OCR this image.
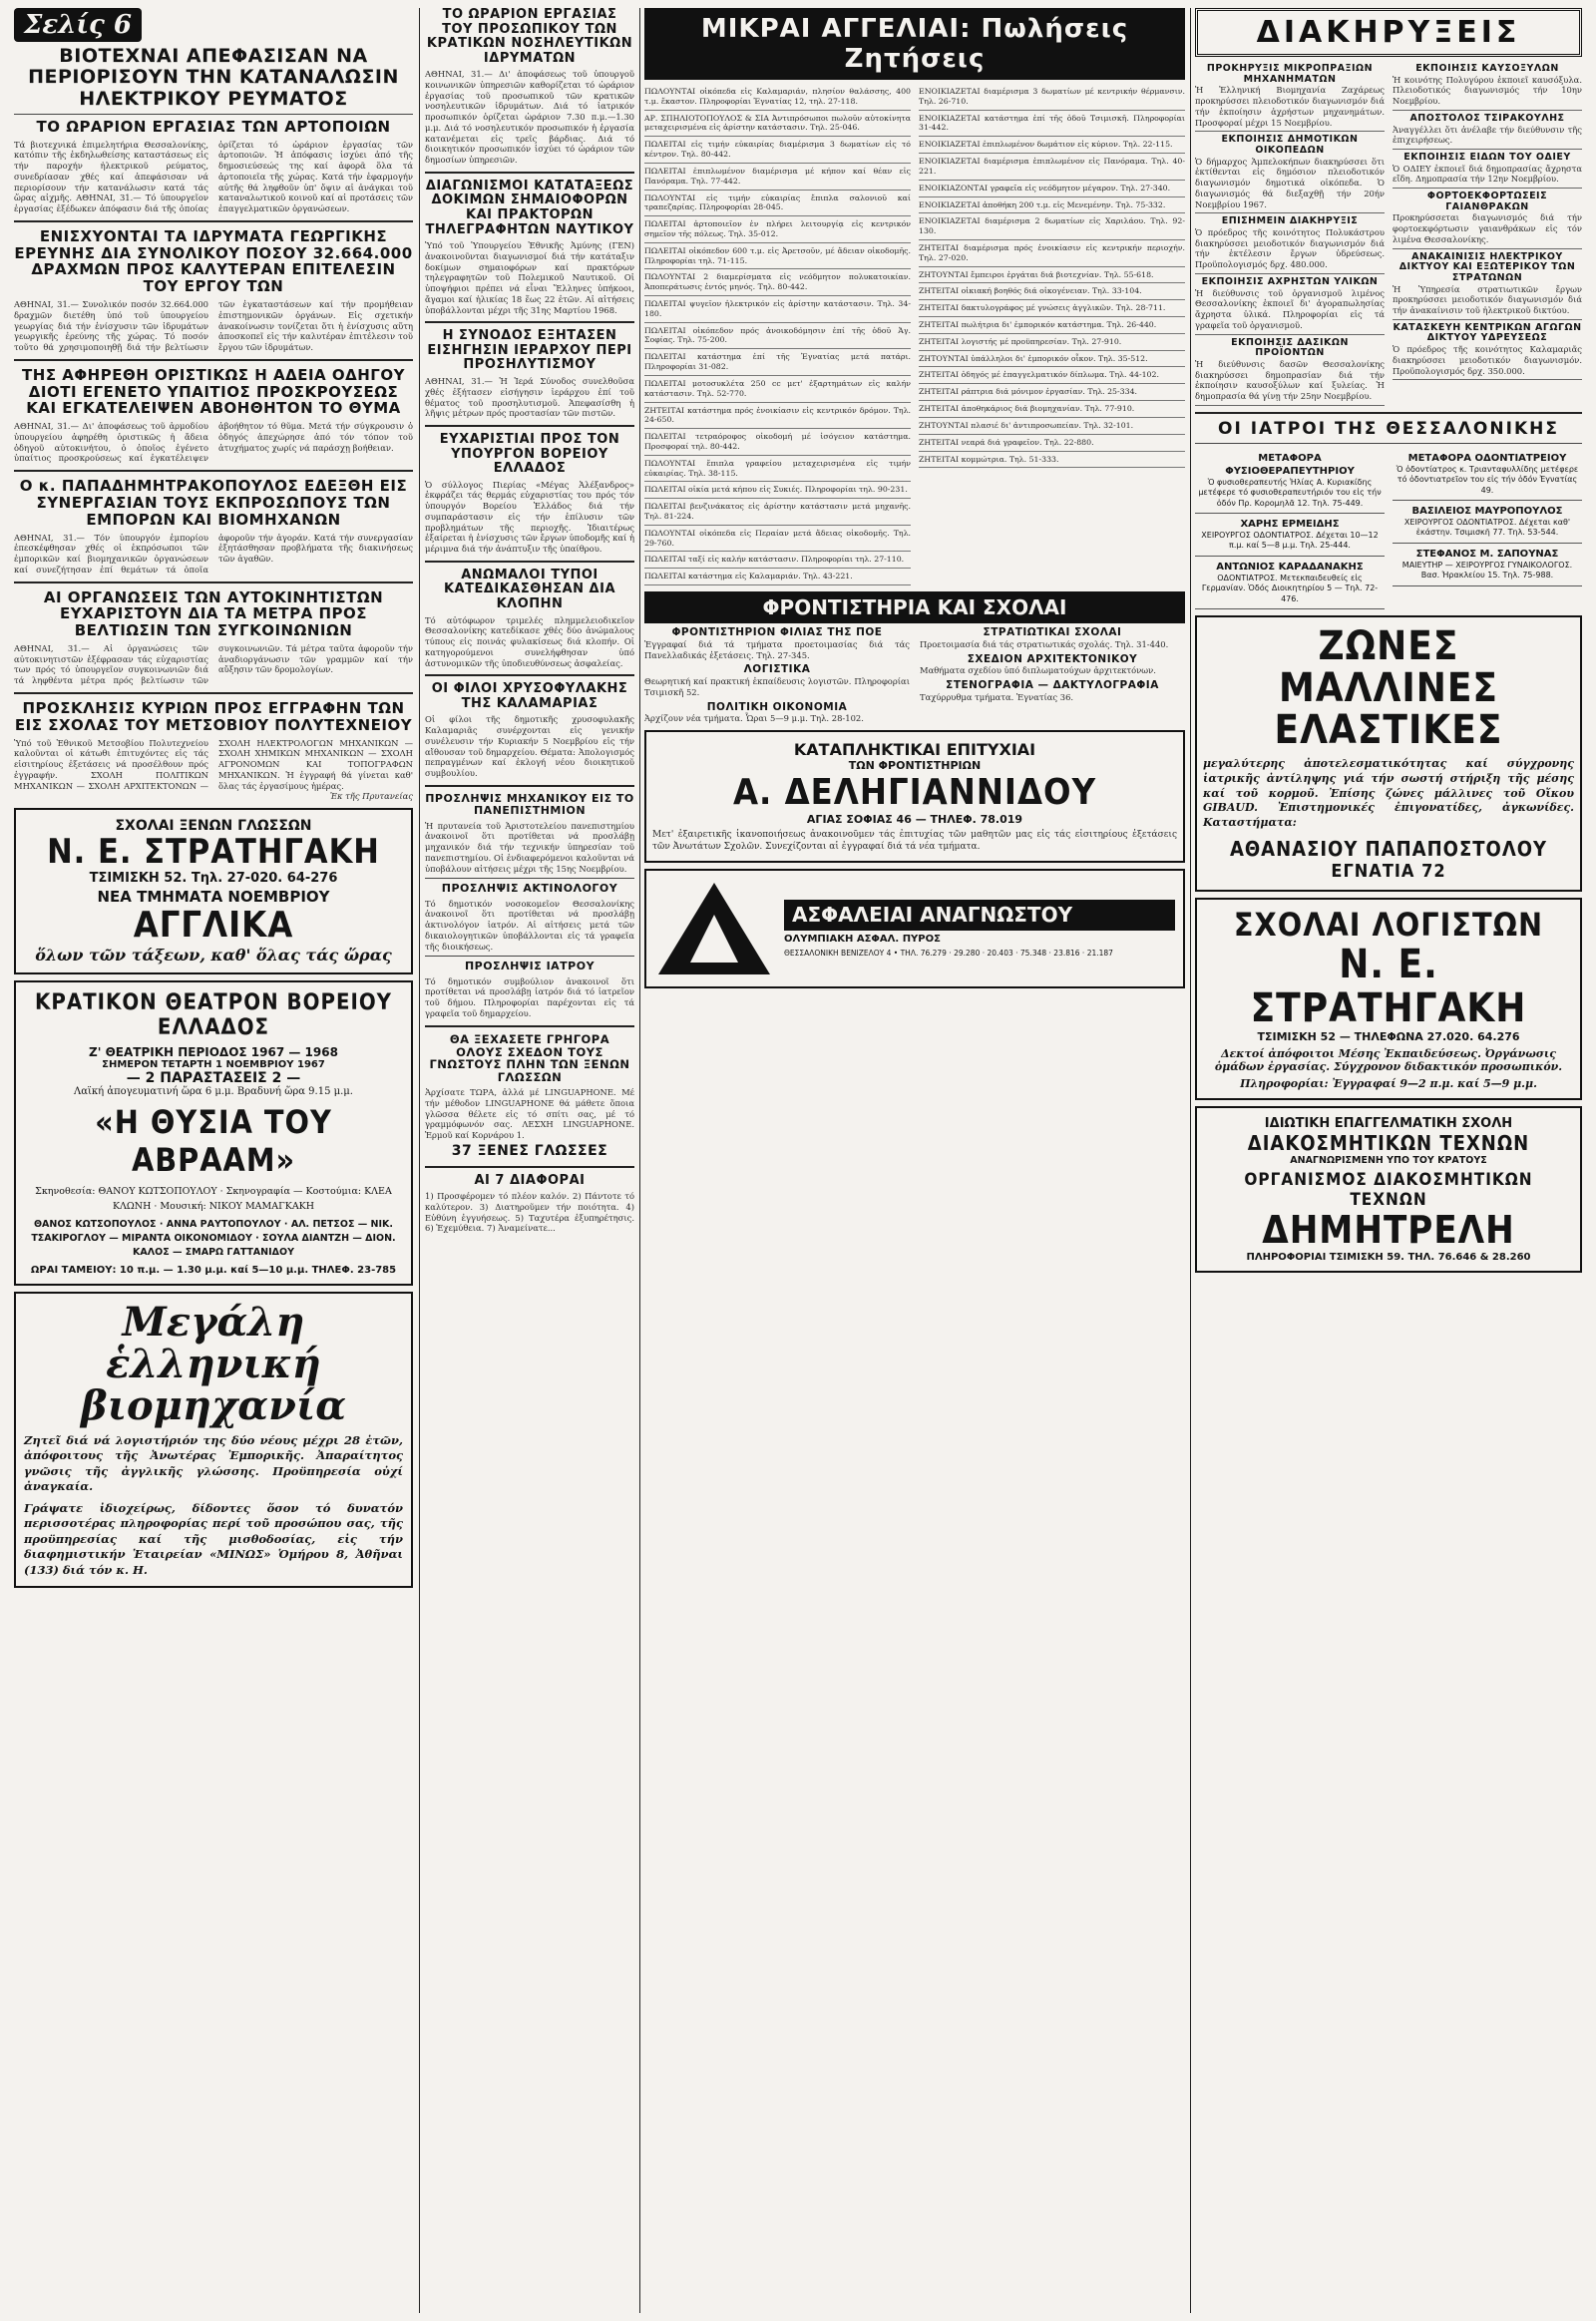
Σελίς 6
ΒΙΟΤΕΧΝΑΙ ΑΠΕΦΑΣΙΣΑΝ ΝΑ ΠΕΡΙΟΡΙΣΟΥΝ ΤΗΝ ΚΑΤΑΝΑΛΩΣΙΝ ΗΛΕΚΤΡΙΚΟΥ ΡΕΥΜΑΤΟΣ
ΤΟ ΩΡΑΡΙΟΝ ΕΡΓΑΣΙΑΣ ΤΩΝ ΑΡΤΟΠΟΙΩΝ
Τά βιοτεχνικά ἐπιμελητήρια Θεσσαλονίκης, κατόπιν τῆς ἐκδηλωθείσης καταστάσεως εἰς τήν παροχήν ἠλεκτρικοῦ ρεύματος, συνεδρίασαν χθές καί ἀπεφάσισαν νά περιορίσουν τήν κατανάλωσιν κατά τάς ὥρας αἰχμῆς. ΑΘΗΝΑΙ, 31.— Τό ὑπουργεῖον ἐργασίας ἐξέδωκεν ἀπόφασιν διά τῆς ὁποίας ὁρίζεται τό ὡράριον ἐργασίας τῶν ἀρτοποιῶν. Ἡ ἀπόφασις ἰσχύει ἀπό τῆς δημοσιεύσεώς της καί ἀφορᾶ ὅλα τά ἀρτοποιεῖα τῆς χώρας. Κατά τήν ἐφαρμογήν αὐτῆς θά ληφθοῦν ὑπ' ὄψιν αἱ ἀνάγκαι τοῦ καταναλωτικοῦ κοινοῦ καί αἱ προτάσεις τῶν ἐπαγγελματικῶν ὀργανώσεων.
ΕΝΙΣΧΥΟΝΤΑΙ ΤΑ ΙΔΡΥΜΑΤΑ ΓΕΩΡΓΙΚΗΣ ΕΡΕΥΝΗΣ ΔΙΑ ΣΥΝΟΛΙΚΟΥ ΠΟΣΟΥ 32.664.000 ΔΡΑΧΜΩΝ ΠΡΟΣ ΚΑΛΥΤΕΡΑΝ ΕΠΙΤΕΛΕΣΙΝ ΤΟΥ ΕΡΓΟΥ ΤΩΝ
ΑΘΗΝΑΙ, 31.— Συνολικόν ποσόν 32.664.000 δραχμῶν διετέθη ὑπό τοῦ ὑπουργείου γεωργίας διά τήν ἐνίσχυσιν τῶν ἱδρυμάτων γεωργικῆς ἐρεύνης τῆς χώρας. Τό ποσόν τοῦτο θά χρησιμοποιηθῇ διά τήν βελτίωσιν τῶν ἐγκαταστάσεων καί τήν προμήθειαν ἐπιστημονικῶν ὀργάνων. Εἰς σχετικήν ἀνακοίνωσιν τονίζεται ὅτι ἡ ἐνίσχυσις αὕτη ἀποσκοπεῖ εἰς τήν καλυτέραν ἐπιτέλεσιν τοῦ ἔργου τῶν ἱδρυμάτων.
ΤΗΣ ΑΦΗΡΕΘΗ ΟΡΙΣΤΙΚΩΣ Η ΑΔΕΙΑ ΟΔΗΓΟΥ ΔΙΟΤΙ ΕΓΕΝΕΤΟ ΥΠΑΙΤΙΟΣ ΠΡΟΣΚΡΟΥΣΕΩΣ ΚΑΙ ΕΓΚΑΤΕΛΕΙΨΕΝ ΑΒΟΗΘΗΤΟΝ ΤΟ ΘΥΜΑ
ΑΘΗΝΑΙ, 31.— Δι' ἀποφάσεως τοῦ ἁρμοδίου ὑπουργείου ἀφηρέθη ὁριστικῶς ἡ ἄδεια ὁδηγοῦ αὐτοκινήτου, ὁ ὁποῖος ἐγένετο ὑπαίτιος προσκρούσεως καί ἐγκατέλειψεν ἀβοήθητον τό θῦμα. Μετά τήν σύγκρουσιν ὁ ὁδηγός ἀπεχώρησε ἀπό τόν τόπον τοῦ ἀτυχήματος χωρίς νά παράσχῃ βοήθειαν.
Ο κ. ΠΑΠΑΔΗΜΗΤΡΑΚΟΠΟΥΛΟΣ ΕΔΕΞΘΗ ΕΙΣ ΣΥΝΕΡΓΑΣΙΑΝ ΤΟΥΣ ΕΚΠΡΟΣΩΠΟΥΣ ΤΩΝ ΕΜΠΟΡΩΝ ΚΑΙ ΒΙΟΜΗΧΑΝΩΝ
ΑΘΗΝΑΙ, 31.— Τόν ὑπουργόν ἐμπορίου ἐπεσκέφθησαν χθές οἱ ἐκπρόσωποι τῶν ἐμπορικῶν καί βιομηχανικῶν ὀργανώσεων καί συνεζήτησαν ἐπί θεμάτων τά ὁποῖα ἀφοροῦν τήν ἀγοράν. Κατά τήν συνεργασίαν ἐξητάσθησαν προβλήματα τῆς διακινήσεως τῶν ἀγαθῶν.
ΑΙ ΟΡΓΑΝΩΣΕΙΣ ΤΩΝ ΑΥΤΟΚΙΝΗΤΙΣΤΩΝ ΕΥΧΑΡΙΣΤΟΥΝ ΔΙΑ ΤΑ ΜΕΤΡΑ ΠΡΟΣ ΒΕΛΤΙΩΣΙΝ ΤΩΝ ΣΥΓΚΟΙΝΩΝΙΩΝ
ΑΘΗΝΑΙ, 31.— Αἱ ὀργανώσεις τῶν αὐτοκινητιστῶν ἐξέφρασαν τάς εὐχαριστίας των πρός τό ὑπουργεῖον συγκοινωνιῶν διά τά ληφθέντα μέτρα πρός βελτίωσιν τῶν συγκοινωνιῶν. Τά μέτρα ταῦτα ἀφοροῦν τήν ἀναδιοργάνωσιν τῶν γραμμῶν καί τήν αὔξησιν τῶν δρομολογίων.
ΠΡΟΣΚΛΗΣΙΣ ΚΥΡΙΩΝ ΠΡΟΣ ΕΓΓΡΑΦΗΝ ΤΩΝ ΕΙΣ ΣΧΟΛΑΣ ΤΟΥ ΜΕΤΣΟΒΙΟΥ ΠΟΛΥΤΕΧΝΕΙΟΥ
Ὑπό τοῦ Ἐθνικοῦ Μετσοβίου Πολυτεχνείου καλοῦνται οἱ κάτωθι ἐπιτυχόντες εἰς τάς εἰσιτηρίους ἐξετάσεις νά προσέλθουν πρός ἐγγραφήν. ΣΧΟΛΗ ΠΟΛΙΤΙΚΩΝ ΜΗΧΑΝΙΚΩΝ — ΣΧΟΛΗ ΑΡΧΙΤΕΚΤΟΝΩΝ — ΣΧΟΛΗ ΗΛΕΚΤΡΟΛΟΓΩΝ ΜΗΧΑΝΙΚΩΝ — ΣΧΟΛΗ ΧΗΜΙΚΩΝ ΜΗΧΑΝΙΚΩΝ — ΣΧΟΛΗ ΑΓΡΟΝΟΜΩΝ ΚΑΙ ΤΟΠΟΓΡΑΦΩΝ ΜΗΧΑΝΙΚΩΝ. Ἡ ἐγγραφή θά γίνεται καθ' ὅλας τάς ἐργασίμους ἡμέρας.
Ἐκ τῆς Πρυτανείας
ΣΧΟΛΑΙ ΞΕΝΩΝ ΓΛΩΣΣΩΝ
Ν. Ε. ΣΤΡΑΤΗΓΑΚΗ
ΤΣΙΜΙΣΚΗ 52. Τηλ. 27-020. 64-276
ΝΕΑ ΤΜΗΜΑΤΑ ΝΟΕΜΒΡΙΟΥ
ΑΓΓΛΙΚΑ
ὅλων τῶν τάξεων, καθ' ὅλας τάς ὥρας
ΚΡΑΤΙΚΟΝ ΘΕΑΤΡΟΝ ΒΟΡΕΙΟΥ ΕΛΛΑΔΟΣ
Ζ' ΘΕΑΤΡΙΚΗ ΠΕΡΙΟΔΟΣ 1967 — 1968
ΣΗΜΕΡΟΝ ΤΕΤΑΡΤΗ 1 ΝΟΕΜΒΡΙΟΥ 1967
— 2 ΠΑΡΑΣΤΑΣΕΙΣ 2 —
Λαϊκή ἀπογευματινή ὥρα 6 μ.μ. Βραδυνή ὥρα 9.15 μ.μ.
«Η ΘΥΣΙΑ ΤΟΥ ΑΒΡΑΑΜ»
Σκηνοθεσία: ΘΑΝΟΥ ΚΩΤΣΟΠΟΥΛΟΥ · Σκηνογραφία — Κοστούμια: ΚΛΕΑ ΚΛΩΝΗ · Μουσική: ΝΙΚΟΥ ΜΑΜΑΓΚΑΚΗ
ΘΑΝΟΣ ΚΩΤΣΟΠΟΥΛΟΣ · ΑΝΝΑ ΡΑΥΤΟΠΟΥΛΟΥ · ΑΛ. ΠΕΤΣΟΣ — ΝΙΚ. ΤΣΑΚΙΡΟΓΛΟΥ — ΜΙΡΑΝΤΑ ΟΙΚΟΝΟΜΙΔΟΥ · ΣΟΥΛΑ ΔΙΑΝΤΖΗ — ΔΙΟΝ. ΚΑΛΟΣ — ΣΜΑΡΩ ΓΑΤΤΑΝΙΔΟΥ
ΩΡΑΙ ΤΑΜΕΙΟΥ: 10 π.μ. — 1.30 μ.μ. καί 5—10 μ.μ. ΤΗΛΕΦ. 23-785
Μεγάλη ἑλληνική βιομηχανία
Ζητεῖ διά νά λογιστήριόν της δύο νέους μέχρι 28 ἐτῶν, ἀπόφοιτους τῆς Ἀνωτέρας Ἐμπορικῆς. Ἀπαραίτητος γνῶσις τῆς ἀγγλικῆς γλώσσης. Προϋπηρεσία οὐχί ἀναγκαία.
Γράψατε ἰδιοχείρως, δίδοντες ὅσον τό δυνατόν περισσοτέρας πληροφορίας περί τοῦ προσώπου σας, τῆς προϋπηρεσίας καί τῆς μισθοδοσίας, εἰς τήν διαφημιστικήν Ἑταιρείαν «ΜΙΝΩΣ» Ὁμήρου 8, Ἀθῆναι (133) διά τόν κ. Η.
ΤΟ ΩΡΑΡΙΟΝ ΕΡΓΑΣΙΑΣ ΤΟΥ ΠΡΟΣΩΠΙΚΟΥ ΤΩΝ ΚΡΑΤΙΚΩΝ ΝΟΣΗΛΕΥΤΙΚΩΝ ΙΔΡΥΜΑΤΩΝ
ΑΘΗΝΑΙ, 31.— Δι' ἀποφάσεως τοῦ ὑπουργοῦ κοινωνικῶν ὑπηρεσιῶν καθορίζεται τό ὡράριον ἐργασίας τοῦ προσωπικοῦ τῶν κρατικῶν νοσηλευτικῶν ἱδρυμάτων. Διά τό ἰατρικόν προσωπικόν ὁρίζεται ὡράριον 7.30 π.μ.—1.30 μ.μ. Διά τό νοσηλευτικόν προσωπικόν ἡ ἐργασία κατανέμεται εἰς τρεῖς βάρδιας. Διά τό διοικητικόν προσωπικόν ἰσχύει τό ὡράριον τῶν δημοσίων ὑπηρεσιῶν.
ΔΙΑΓΩΝΙΣΜΟΙ ΚΑΤΑΤΑΞΕΩΣ ΔΟΚΙΜΩΝ ΣΗΜΑΙΟΦΟΡΩΝ ΚΑΙ ΠΡΑΚΤΟΡΩΝ ΤΗΛΕΓΡΑΦΗΤΩΝ ΝΑΥΤΙΚΟΥ
Ὑπό τοῦ Ὑπουργείου Ἐθνικῆς Ἀμύνης (ΓΕΝ) ἀνακοινοῦνται διαγωνισμοί διά τήν κατάταξιν δοκίμων σημαιοφόρων καί πρακτόρων τηλεγραφητῶν τοῦ Πολεμικοῦ Ναυτικοῦ. Οἱ ὑποψήφιοι πρέπει νά εἶναι Ἕλληνες ὑπήκοοι, ἄγαμοι καί ἡλικίας 18 ἕως 22 ἐτῶν. Αἱ αἰτήσεις ὑποβάλλονται μέχρι τῆς 31ης Μαρτίου 1968.
Η ΣΥΝΟΔΟΣ ΕΞΗΤΑΣΕΝ ΕΙΣΗΓΗΣΙΝ ΙΕΡΑΡΧΟΥ ΠΕΡΙ ΠΡΟΣΗΛΥΤΙΣΜΟΥ
ΑΘΗΝΑΙ, 31.— Ἡ Ἱερά Σύνοδος συνελθοῦσα χθές ἐξήτασεν εἰσήγησιν ἱεράρχου ἐπί τοῦ θέματος τοῦ προσηλυτισμοῦ. Ἀπεφασίσθη ἡ λῆψις μέτρων πρός προστασίαν τῶν πιστῶν.
ΕΥΧΑΡΙΣΤΙΑΙ ΠΡΟΣ ΤΟΝ ΥΠΟΥΡΓΟΝ ΒΟΡΕΙΟΥ ΕΛΛΑΔΟΣ
Ὁ σύλλογος Πιερίας «Μέγας Ἀλέξανδρος» ἐκφράζει τάς θερμάς εὐχαριστίας του πρός τόν ὑπουργόν Βορείου Ἑλλάδος διά τήν συμπαράστασιν εἰς τήν ἐπίλυσιν τῶν προβλημάτων τῆς περιοχῆς. Ἰδιαιτέρως ἐξαίρεται ἡ ἐνίσχυσις τῶν ἔργων ὑποδομῆς καί ἡ μέριμνα διά τήν ἀνάπτυξιν τῆς ὑπαίθρου.
ΑΝΩΜΑΛΟΙ ΤΥΠΟΙ ΚΑΤΕΔΙΚΑΣΘΗΣΑΝ ΔΙΑ ΚΛΟΠΗΝ
Τό αὐτόφωρον τριμελές πλημμελειοδικεῖον Θεσσαλονίκης κατεδίκασε χθές δύο ἀνώμαλους τύπους εἰς ποινάς φυλακίσεως διά κλοπήν. Οἱ κατηγορούμενοι συνελήφθησαν ὑπό ἀστυνομικῶν τῆς ὑποδιευθύνσεως ἀσφαλείας.
ΟΙ ΦΙΛΟΙ ΧΡΥΣΟΦΥΛΑΚΗΣ ΤΗΣ ΚΑΛΑΜΑΡΙΑΣ
Οἱ φίλοι τῆς δημοτικῆς χρυσοφυλακῆς Καλαμαριᾶς συνέρχονται εἰς γενικήν συνέλευσιν τήν Κυριακήν 5 Νοεμβρίου εἰς τήν αἴθουσαν τοῦ δημαρχείου. Θέματα: Ἀπολογισμός πεπραγμένων καί ἐκλογή νέου διοικητικοῦ συμβουλίου.
ΠΡΟΣΛΗΨΙΣ ΜΗΧΑΝΙΚΟΥ ΕΙΣ ΤΟ ΠΑΝΕΠΙΣΤΗΜΙΟΝ
Ἡ πρυτανεία τοῦ Ἀριστοτελείου πανεπιστημίου ἀνακοινοῖ ὅτι προτίθεται νά προσλάβῃ μηχανικόν διά τήν τεχνικήν ὑπηρεσίαν τοῦ πανεπιστημίου. Οἱ ἐνδιαφερόμενοι καλοῦνται νά ὑποβάλουν αἰτήσεις μέχρι τῆς 15ης Νοεμβρίου.
ΠΡΟΣΛΗΨΙΣ ΑΚΤΙΝΟΛΟΓΟΥ
Τό δημοτικόν νοσοκομεῖον Θεσσαλονίκης ἀνακοινοῖ ὅτι προτίθεται νά προσλάβῃ ἀκτινολόγον ἰατρόν. Αἱ αἰτήσεις μετά τῶν δικαιολογητικῶν ὑποβάλλονται εἰς τά γραφεῖα τῆς διοικήσεως.
ΠΡΟΣΛΗΨΙΣ ΙΑΤΡΟΥ
Τό δημοτικόν συμβούλιον ἀνακοινοῖ ὅτι προτίθεται νά προσλάβῃ ἰατρόν διά τό ἰατρεῖον τοῦ δήμου. Πληροφορίαι παρέχονται εἰς τά γραφεῖα τοῦ δημαρχείου.
ΘΑ ΞΕΧΑΣΕΤΕ ΓΡΗΓΟΡΑ ΟΛΟΥΣ ΣΧΕΔΟΝ ΤΟΥΣ ΓΝΩΣΤΟΥΣ ΠΛΗΝ ΤΩΝ ΞΕΝΩΝ ΓΛΩΣΣΩΝ
Ἀρχίσατε ΤΩΡΑ, ἀλλά μέ LINGUAPHONE. Μέ τήν μέθοδον LINGUAPHONE θά μάθετε ὅποια γλῶσσα θέλετε εἰς τό σπίτι σας, μέ τό γραμμόφωνόν σας. ΛΕΣΧΗ LINGUAPHONE. Ἑρμοῦ καί Κορνάρου 1.
37 ΞΕΝΕΣ ΓΛΩΣΣΕΣ
ΑΙ 7 ΔΙΑΦΟΡΑΙ
1) Προσφέρομεν τό πλέον καλόν. 2) Πάντοτε τό καλύτερον. 3) Διατηροῦμεν τήν ποιότητα. 4) Εὐθύνη ἐγγυήσεως. 5) Ταχυτέρα ἐξυπηρέτησις. 6) Ἐχεμύθεια. 7) Ἀναμείνατε...
ΜΙΚΡΑΙ ΑΓΓΕΛΙΑΙ: Πωλήσεις Ζητήσεις
ΠΩΛΟΥΝΤΑΙ οἰκόπεδα εἰς Καλαμαριάν, πλησίον θαλάσσης, 400 τ.μ. ἕκαστον. Πληροφορίαι Ἐγνατίας 12, τηλ. 27-118.
ΑΡ. ΣΠΗΛΙΟΤΟΠΟΥΛΟΣ & ΣΙΑ Ἀντιπρόσωποι πωλοῦν αὐτοκίνητα μεταχειρισμένα εἰς ἀρίστην κατάστασιν. Τηλ. 25-046.
ΠΩΛΕΙΤΑΙ εἰς τιμήν εὐκαιρίας διαμέρισμα 3 δωματίων εἰς τό κέντρον. Τηλ. 80-442.
ΠΩΛΕΙΤΑΙ ἐπιπλωμένον διαμέρισμα μέ κήπον καί θέαν εἰς Πανόραμα. Τηλ. 77-442.
ΠΩΛΟΥΝΤΑΙ εἰς τιμήν εὐκαιρίας ἔπιπλα σαλονιοῦ καί τραπεζαρίας. Πληροφορίαι 28-045.
ΠΩΛΕΙΤΑΙ ἀρτοποιεῖον ἐν πλήρει λειτουργίᾳ εἰς κεντρικόν σημεῖον τῆς πόλεως. Τηλ. 35-012.
ΠΩΛΕΙΤΑΙ οἰκόπεδον 600 τ.μ. εἰς Ἀρετσοῦν, μέ ἄδειαν οἰκοδομῆς. Πληροφορίαι τηλ. 71-115.
ΠΩΛΟΥΝΤΑΙ 2 διαμερίσματα εἰς νεόδμητον πολυκατοικίαν. Ἀποπεράτωσις ἐντός μηνός. Τηλ. 80-442.
ΠΩΛΕΙΤΑΙ ψυγεῖον ἠλεκτρικόν εἰς ἀρίστην κατάστασιν. Τηλ. 34-180.
ΠΩΛΕΙΤΑΙ οἰκόπεδον πρός ἀνοικοδόμησιν ἐπί τῆς ὁδοῦ Ἀγ. Σοφίας. Τηλ. 75-200.
ΠΩΛΕΙΤΑΙ κατάστημα ἐπί τῆς Ἐγνατίας μετά πατάρι. Πληροφορίαι 31-082.
ΠΩΛΕΙΤΑΙ μοτοσυκλέτα 250 cc μετ' ἐξαρτημάτων εἰς καλήν κατάστασιν. Τηλ. 52-770.
ΖΗΤΕΙΤΑΙ κατάστημα πρός ἐνοικίασιν εἰς κεντρικόν δρόμον. Τηλ. 24-650.
ΠΩΛΕΙΤΑΙ τετραόροφος οἰκοδομή μέ ἰσόγειον κατάστημα. Προσφοραί τηλ. 80-442.
ΠΩΛΟΥΝΤΑΙ ἔπιπλα γραφείου μεταχειρισμένα εἰς τιμήν εὐκαιρίας. Τηλ. 38-115.
ΠΩΛΕΙΤΑΙ οἰκία μετά κήπου εἰς Συκιές. Πληροφορίαι τηλ. 90-231.
ΠΩΛΕΙΤΑΙ βενζινάκατος εἰς ἀρίστην κατάστασιν μετά μηχανῆς. Τηλ. 81-224.
ΠΩΛΟΥΝΤΑΙ οἰκόπεδα εἰς Περαίαν μετά ἄδειας οἰκοδομῆς. Τηλ. 29-760.
ΠΩΛΕΙΤΑΙ ταξί εἰς καλήν κατάστασιν. Πληροφορίαι τηλ. 27-110.
ΠΩΛΕΙΤΑΙ κατάστημα εἰς Καλαμαριάν. Τηλ. 43-221.
ΕΝΟΙΚΙΑΖΕΤΑΙ διαμέρισμα 3 δωματίων μέ κεντρικήν θέρμανσιν. Τηλ. 26-710.
ΕΝΟΙΚΙΑΖΕΤΑΙ κατάστημα ἐπί τῆς ὁδοῦ Τσιμισκῆ. Πληροφορίαι 31-442.
ΕΝΟΙΚΙΑΖΕΤΑΙ ἐπιπλωμένον δωμάτιον εἰς κύριον. Τηλ. 22-115.
ΕΝΟΙΚΙΑΖΕΤΑΙ διαμέρισμα ἐπιπλωμένον εἰς Πανόραμα. Τηλ. 40-221.
ΕΝΟΙΚΙΑΖΟΝΤΑΙ γραφεῖα εἰς νεόδμητον μέγαρον. Τηλ. 27-340.
ΕΝΟΙΚΙΑΖΕΤΑΙ ἀποθήκη 200 τ.μ. εἰς Μενεμένην. Τηλ. 75-332.
ΕΝΟΙΚΙΑΖΕΤΑΙ διαμέρισμα 2 δωματίων εἰς Χαριλάου. Τηλ. 92-130.
ΖΗΤΕΙΤΑΙ διαμέρισμα πρός ἐνοικίασιν εἰς κεντρικήν περιοχήν. Τηλ. 27-020.
ΖΗΤΟΥΝΤΑΙ ἔμπειροι ἐργάται διά βιοτεχνίαν. Τηλ. 55-618.
ΖΗΤΕΙΤΑΙ οἰκιακή βοηθός διά οἰκογένειαν. Τηλ. 33-104.
ΖΗΤΕΙΤΑΙ δακτυλογράφος μέ γνώσεις ἀγγλικῶν. Τηλ. 28-711.
ΖΗΤΕΙΤΑΙ πωλήτρια δι' ἐμπορικόν κατάστημα. Τηλ. 26-440.
ΖΗΤΕΙΤΑΙ λογιστής μέ προϋπηρεσίαν. Τηλ. 27-910.
ΖΗΤΟΥΝΤΑΙ ὑπάλληλοι δι' ἐμπορικόν οἶκον. Τηλ. 35-512.
ΖΗΤΕΙΤΑΙ ὁδηγός μέ ἐπαγγελματικόν δίπλωμα. Τηλ. 44-102.
ΖΗΤΕΙΤΑΙ ράπτρια διά μόνιμον ἐργασίαν. Τηλ. 25-334.
ΖΗΤΕΙΤΑΙ ἀποθηκάριος διά βιομηχανίαν. Τηλ. 77-910.
ΖΗΤΟΥΝΤΑΙ πλασιέ δι' ἀντιπροσωπείαν. Τηλ. 32-101.
ΖΗΤΕΙΤΑΙ νεαρά διά γραφεῖον. Τηλ. 22-880.
ΖΗΤΕΙΤΑΙ κομμώτρια. Τηλ. 51-333.
ΦΡΟΝΤΙΣΤΗΡΙΑ ΚΑΙ ΣΧΟΛΑΙ
ΦΡΟΝΤΙΣΤΗΡΙΟΝ ΦΙΛΙΑΣ ΤΗΣ ΠΟΕ
Ἐγγραφαί διά τά τμήματα προετοιμασίας διά τάς Πανελλαδικάς ἐξετάσεις. Τηλ. 27-345.
ΛΟΓΙΣΤΙΚΑ
Θεωρητική καί πρακτική ἐκπαίδευσις λογιστῶν. Πληροφορίαι Τσιμισκῆ 52.
ΠΟΛΙΤΙΚΗ ΟΙΚΟΝΟΜΙΑ
Ἀρχίζουν νέα τμήματα. Ὧραι 5—9 μ.μ. Τηλ. 28-102.
ΣΤΡΑΤΙΩΤΙΚΑΙ ΣΧΟΛΑΙ
Προετοιμασία διά τάς στρατιωτικάς σχολάς. Τηλ. 31-440.
ΣΧΕΔΙΟΝ ΑΡΧΙΤΕΚΤΟΝΙΚΟΥ
Μαθήματα σχεδίου ὑπό διπλωματούχων ἀρχιτεκτόνων.
ΣΤΕΝΟΓΡΑΦΙΑ — ΔΑΚΤΥΛΟΓΡΑΦΙΑ
Ταχύρρυθμα τμήματα. Ἐγνατίας 36.
ΚΑΤΑΠΛΗΚΤΙΚΑΙ ΕΠΙΤΥΧΙΑΙ
ΤΩΝ ΦΡΟΝΤΙΣΤΗΡΙΩΝ
Α. ΔΕΛΗΓΙΑΝΝΙΔΟΥ
ΑΓΙΑΣ ΣΟΦΙΑΣ 46 — ΤΗΛΕΦ. 78.019
Μετ' ἐξαιρετικῆς ἱκανοποιήσεως ἀνακοινοῦμεν τάς ἐπιτυχίας τῶν μαθητῶν μας εἰς τάς εἰσιτηρίους ἐξετάσεις τῶν Ἀνωτάτων Σχολῶν. Συνεχίζονται αἱ ἐγγραφαί διά τά νέα τμήματα.
ΑΣΦΑΛΕΙΑΙ ΑΝΑΓΝΩΣΤΟΥ
ΟΛΥΜΠΙΑΚΗ ΑΣΦΑΛ. ΠΥΡΟΣ
ΘΕΣΣΑΛΟΝΙΚΗ ΒΕΝΙΖΕΛΟΥ 4 • ΤΗΛ. 76.279 · 29.280 · 20.403 · 75.348 · 23.816 · 21.187
ΔΙΑΚΗΡΥΞΕΙΣ
ΠΡΟΚΗΡΥΞΙΣ ΜΙΚΡΟΠΡΑΞΙΩΝ ΜΗΧΑΝΗΜΑΤΩΝ
Ἡ Ἑλληνική Βιομηχανία Ζαχάρεως προκηρύσσει πλειοδοτικόν διαγωνισμόν διά τήν ἐκποίησιν ἀχρήστων μηχανημάτων. Προσφοραί μέχρι 15 Νοεμβρίου.
ΕΚΠΟΙΗΣΙΣ ΔΗΜΟΤΙΚΩΝ ΟΙΚΟΠΕΔΩΝ
Ὁ δήμαρχος Ἀμπελοκήπων διακηρύσσει ὅτι ἐκτίθενται εἰς δημόσιον πλειοδοτικόν διαγωνισμόν δημοτικά οἰκόπεδα. Ὁ διαγωνισμός θά διεξαχθῇ τήν 20ήν Νοεμβρίου 1967.
ΕΠΙΣΗΜΕΙΝ ΔΙΑΚΗΡΥΞΙΣ
Ὁ πρόεδρος τῆς κοινότητος Πολυκάστρου διακηρύσσει μειοδοτικόν διαγωνισμόν διά τήν ἐκτέλεσιν ἔργων ὑδρεύσεως. Προϋπολογισμός δρχ. 480.000.
ΕΚΠΟΙΗΣΙΣ ΑΧΡΗΣΤΩΝ ΥΛΙΚΩΝ
Ἡ διεύθυνσις τοῦ ὀργανισμοῦ λιμένος Θεσσαλονίκης ἐκποιεῖ δι' ἀγοραπωλησίας ἄχρηστα ὑλικά. Πληροφορίαι εἰς τά γραφεῖα τοῦ ὀργανισμοῦ.
ΕΚΠΟΙΗΣΙΣ ΔΑΣΙΚΩΝ ΠΡΟΪΟΝΤΩΝ
Ἡ διεύθυνσις δασῶν Θεσσαλονίκης διακηρύσσει δημοπρασίαν διά τήν ἐκποίησιν καυσοξύλων καί ξυλείας. Ἡ δημοπρασία θά γίνῃ τήν 25ην Νοεμβρίου.
ΕΚΠΟΙΗΣΙΣ ΚΑΥΣΟΞΥΛΩΝ
Ἡ κοινότης Πολυγύρου ἐκποιεῖ καυσόξυλα. Πλειοδοτικός διαγωνισμός τήν 10ην Νοεμβρίου.
ΑΠΟΣΤΟΛΟΣ ΤΣΙΡΑΚΟΥΛΗΣ
Ἀναγγέλλει ὅτι ἀνέλαβε τήν διεύθυνσιν τῆς ἐπιχειρήσεως.
ΕΚΠΟΙΗΣΙΣ ΕΙΔΩΝ ΤΟΥ ΟΔΙΕΥ
Ὁ ΟΔΙΕΥ ἐκποιεῖ διά δημοπρασίας ἄχρηστα εἴδη. Δημοπρασία τήν 12ην Νοεμβρίου.
ΦΟΡΤΟΕΚΦΟΡΤΩΣΕΙΣ ΓΑΙΑΝΘΡΑΚΩΝ
Προκηρύσσεται διαγωνισμός διά τήν φορτοεκφόρτωσιν γαιανθράκων εἰς τόν λιμένα Θεσσαλονίκης.
ΑΝΑΚΑΙΝΙΣΙΣ ΗΛΕΚΤΡΙΚΟΥ ΔΙΚΤΥΟΥ ΚΑΙ ΕΞΩΤΕΡΙΚΟΥ ΤΩΝ ΣΤΡΑΤΩΝΩΝ
Ἡ Ὑπηρεσία στρατιωτικῶν ἔργων προκηρύσσει μειοδοτικόν διαγωνισμόν διά τήν ἀνακαίνισιν τοῦ ἠλεκτρικοῦ δικτύου.
ΚΑΤΑΣΚΕΥΗ ΚΕΝΤΡΙΚΩΝ ΑΓΩΓΩΝ ΔΙΚΤΥΟΥ ΥΔΡΕΥΣΕΩΣ
Ὁ πρόεδρος τῆς κοινότητος Καλαμαριᾶς διακηρύσσει μειοδοτικόν διαγωνισμόν. Προϋπολογισμός δρχ. 350.000.
ΟΙ ΙΑΤΡΟΙ ΤΗΣ ΘΕΣΣΑΛΟΝΙΚΗΣ
ΜΕΤΑΦΟΡΑ ΦΥΣΙΟΘΕΡΑΠΕΥΤΗΡΙΟΥ
Ὁ φυσιοθεραπευτής Ἠλίας Α. Κυριακίδης μετέφερε τό φυσιοθεραπευτήριόν του εἰς τήν ὁδόν Πρ. Κορομηλᾶ 12. Τηλ. 75-449.
ΧΑΡΗΣ ΕΡΜΕΙΔΗΣ
ΧΕΙΡΟΥΡΓΟΣ ΟΔΟΝΤΙΑΤΡΟΣ. Δέχεται 10—12 π.μ. καί 5—8 μ.μ. Τηλ. 25-444.
ΑΝΤΩΝΙΟΣ ΚΑΡΑΔΑΝΑΚΗΣ
ΟΔΟΝΤΙΑΤΡΟΣ. Μετεκπαιδευθείς εἰς Γερμανίαν. Ὁδός Διοικητηρίου 5 — Τηλ. 72-476.
ΜΕΤΑΦΟΡΑ ΟΔΟΝΤΙΑΤΡΕΙΟΥ
Ὁ ὀδοντίατρος κ. Τριανταφυλλίδης μετέφερε τό ὀδοντιατρεῖον του εἰς τήν ὁδόν Ἐγνατίας 49.
ΒΑΣΙΛΕΙΟΣ ΜΑΥΡΟΠΟΥΛΟΣ
ΧΕΙΡΟΥΡΓΟΣ ΟΔΟΝΤΙΑΤΡΟΣ. Δέχεται καθ' ἑκάστην. Τσιμισκῆ 77. Τηλ. 53-544.
ΣΤΕΦΑΝΟΣ Μ. ΣΑΠΟΥΝΑΣ
ΜΑΙΕΥΤΗΡ — ΧΕΙΡΟΥΡΓΟΣ ΓΥΝΑΙΚΟΛΟΓΟΣ. Βασ. Ἡρακλείου 15. Τηλ. 75-988.
ΖΩΝΕΣ
ΜΑΛΛΙΝΕΣ
ΕΛΑΣΤΙΚΕΣ
μεγαλύτερης ἀποτελεσματικότητας καί σύγχρονης ἰατρικῆς ἀντίληψης γιά τήν σωστή στήριξη τῆς μέσης καί τοῦ κορμοῦ. Ἐπίσης ζώνες μάλλινες τοῦ Οἴκου GIBAUD. Ἐπιστημονικές ἐπιγονατίδες, ἀγκωνίδες. Καταστήματα:
ΑΘΑΝΑΣΙΟΥ ΠΑΠΑΠΟΣΤΟΛΟΥ
ΕΓΝΑΤΙΑ 72
ΣΧΟΛΑΙ ΛΟΓΙΣΤΩΝ
Ν. Ε. ΣΤΡΑΤΗΓΑΚΗ
ΤΣΙΜΙΣΚΗ 52 — ΤΗΛΕΦΩΝΑ 27.020. 64.276
Δεκτοί ἀπόφοιτοι Μέσης Ἐκπαιδεύσεως. Ὀργάνωσις ὁμάδων ἐργασίας. Σύγχρονον διδακτικόν προσωπικόν.
Πληροφορίαι: Ἐγγραφαί 9—2 π.μ. καί 5—9 μ.μ.
ΙΔΙΩΤΙΚΗ ΕΠΑΓΓΕΛΜΑΤΙΚΗ ΣΧΟΛΗ
ΔΙΑΚΟΣΜΗΤΙΚΩΝ ΤΕΧΝΩΝ
ΑΝΑΓΝΩΡΙΣΜΕΝΗ ΥΠΟ ΤΟΥ ΚΡΑΤΟΥΣ
ΟΡΓΑΝΙΣΜΟΣ ΔΙΑΚΟΣΜΗΤΙΚΩΝ ΤΕΧΝΩΝ
ΔΗΜΗΤΡΕΛΗ
ΠΛΗΡΟΦΟΡΙΑΙ ΤΣΙΜΙΣΚΗ 59. ΤΗΛ. 76.646 & 28.260
